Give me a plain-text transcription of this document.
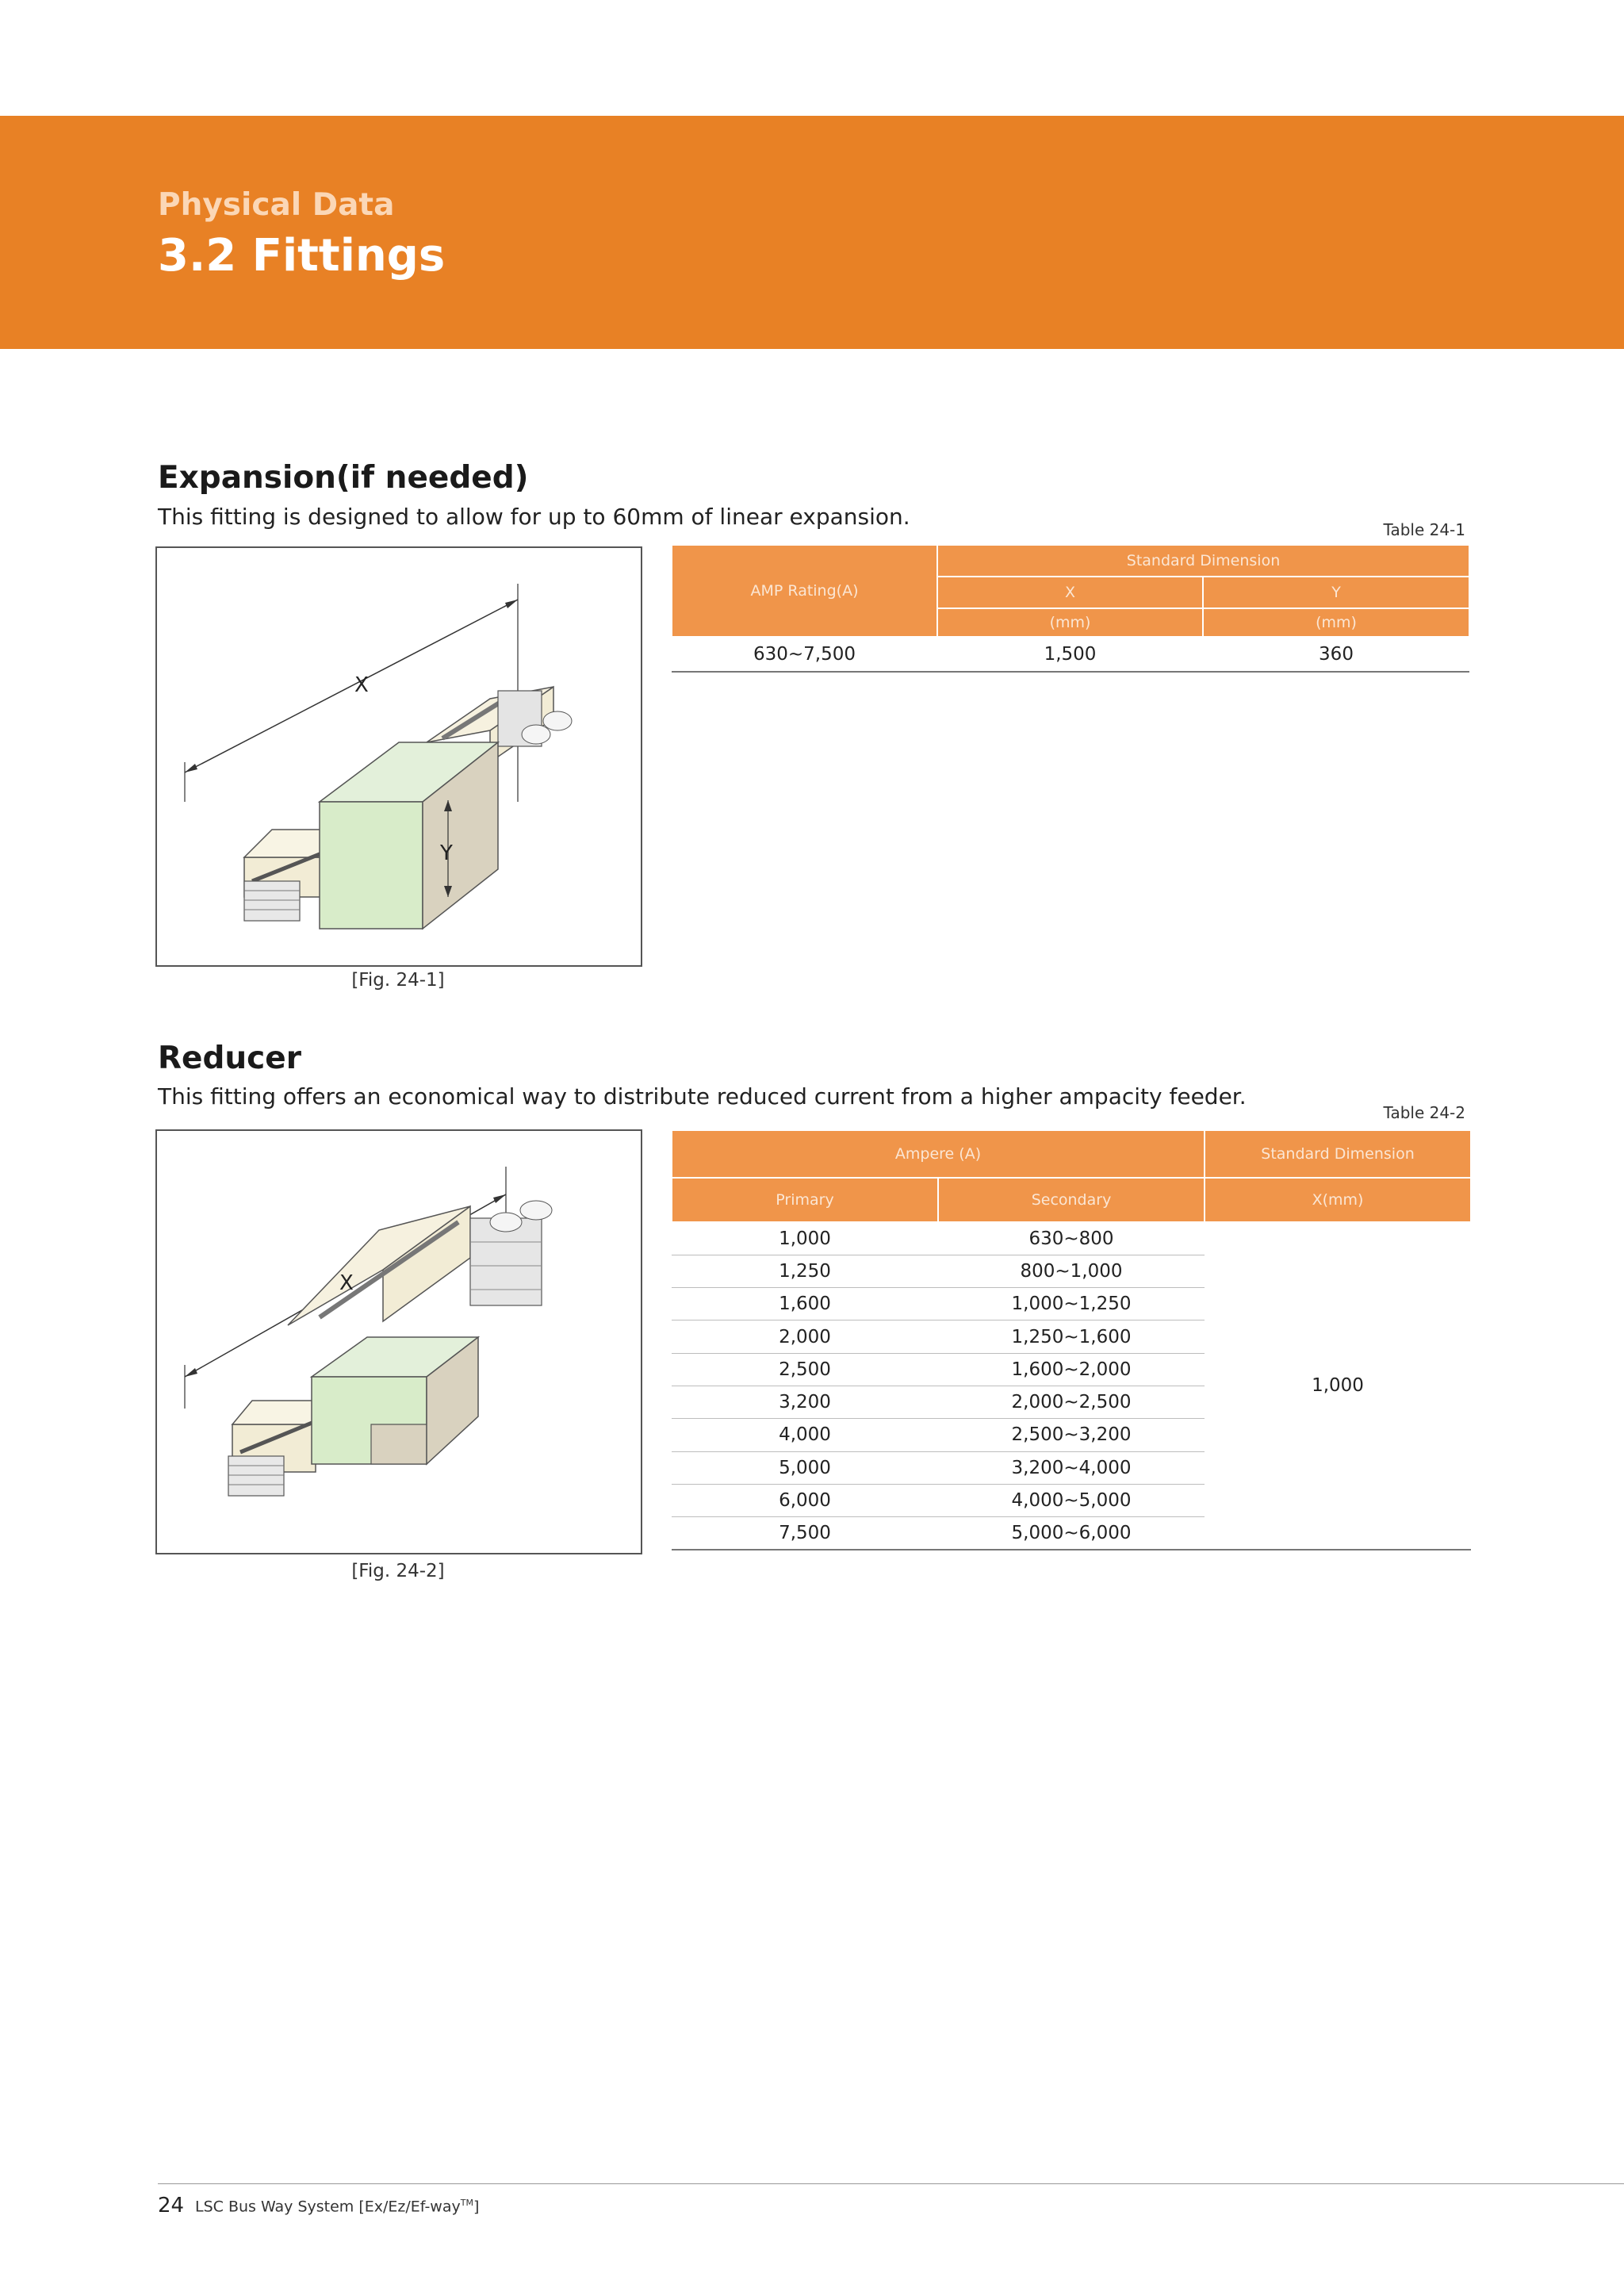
Physical Data
3.2 Fittings
Expansion(if needed)
This fitting is designed to allow for up to 60mm of linear expansion.	Table 24-1
X
Y
[Fig. 24-1]
AMP Rating(A)	Standard Dimension	
	X	Y
	(mm)	(mm)
630~7,500	1,500	360
Reducer
This fitting offers an economical way to distribute reduced current from a higher ampacity feeder.
Table 24-2
X
[Fig. 24-2]
Ampere (A)		Standard Dimension
Primary	Secondary	X(mm)
1,000	630~800	1,000
1,250	800~1,000	
1,600	1,000~1,250	
2,000	1,250~1,600	
2,500	1,600~2,000	
3,200	2,000~2,500	
4,000	2,500~3,200	
5,000	3,200~4,000	
6,000	4,000~5,000	
7,500	5,000~6,000	
24 LSC Bus Way System [Ex/Ez/Ef-way™]
